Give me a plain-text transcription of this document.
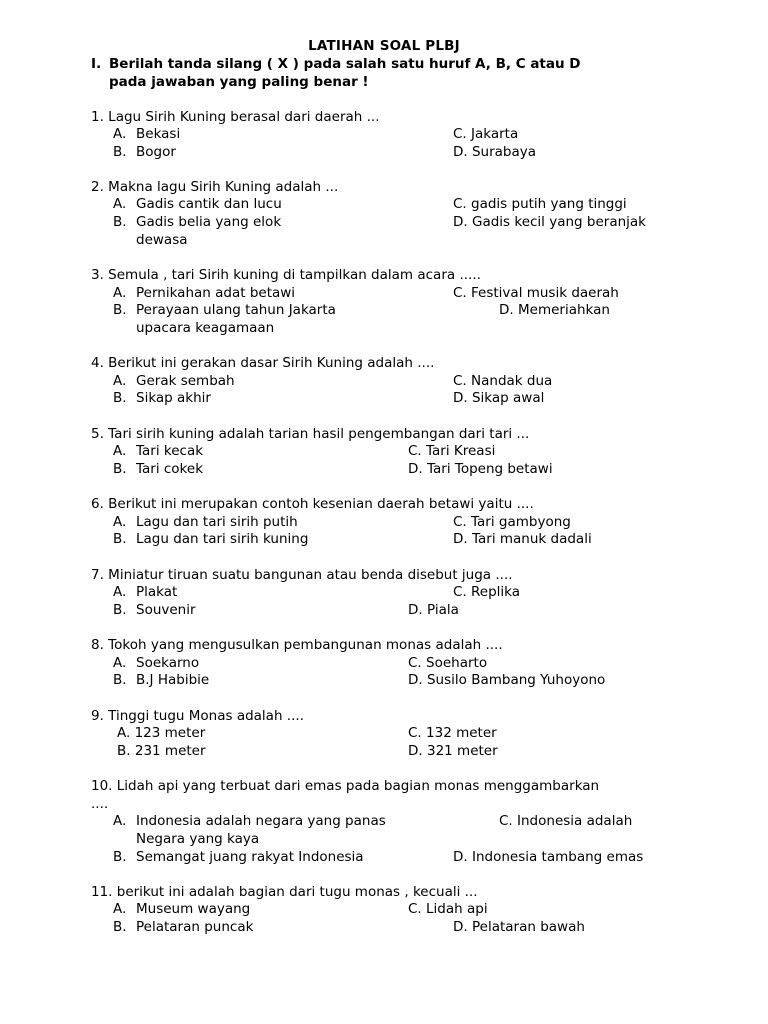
LATIHAN SOAL PLBJ
I. Berilah tanda silang ( X ) pada salah satu huruf A, B, C atau D
pada jawaban yang paling benar !
1. Lagu Sirih Kuning berasal dari daerah ...
A. Bekasi
B. Bogor
C. Jakarta
D. Surabaya
2. Makna lagu Sirih Kuning adalah ...
A. Gadis cantik dan lucu
B. Gadis belia yang elok
C. gadis putih yang tinggi
D. Gadis kecil yang beranjak
dewasa
3. Semula , tari Sirih kuning di tampilkan dalam acara .....
A. Pernikahan adat betawi
B. Perayaan ulang tahun Jakarta
C. Festival musik daerah
D. Memeriahkan
upacara keagamaan
4. Berikut ini gerakan dasar Sirih Kuning adalah ....
A. Gerak sembah
B. Sikap akhir
C. Nandak dua
D. Sikap awal
5. Tari sirih kuning adalah tarian hasil pengembangan dari tari ...
A. Tari kecak
B. Tari cokek
C. Tari Kreasi
D. Tari Topeng betawi
6. Berikut ini merupakan contoh kesenian daerah betawi yaitu ....
A. Lagu dan tari sirih putih
B. Lagu dan tari sirih kuning
C. Tari gambyong
D. Tari manuk dadali
7. Miniatur tiruan suatu bangunan atau benda disebut juga ....
A. Plakat
B. Souvenir
C. Replika
D. Piala
8. Tokoh yang mengusulkan pembangunan monas adalah ....
A. Soekarno
B. B.J Habibie
C. Soeharto
D. Susilo Bambang Yuhoyono
9. Tinggi tugu Monas adalah ....
A. 123 meter
B. 231 meter
C. 132 meter
D. 321 meter
10. Lidah api yang terbuat dari emas pada bagian monas menggambarkan
....
A. Indonesia adalah negara yang panas
Negara yang kaya
B. Semangat juang rakyat Indonesia
C. Indonesia adalah
D. Indonesia tambang emas
11. berikut ini adalah bagian dari tugu monas , kecuali ...
A. Museum wayang
B. Pelataran puncak
C. Lidah api
D. Pelataran bawah
